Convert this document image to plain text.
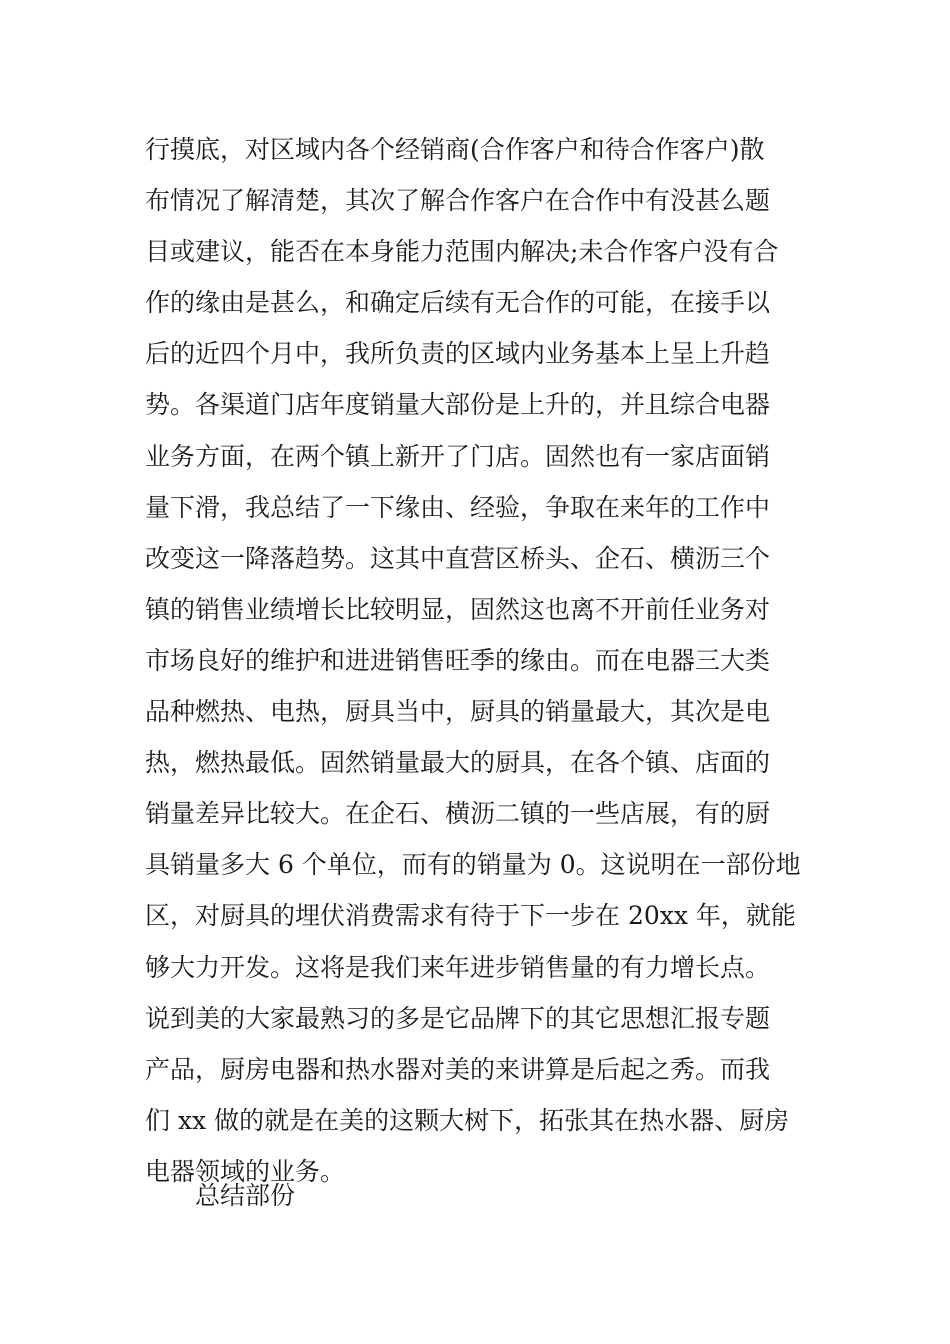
行摸底，对区域内各个经销商(合作客户和待合作客户)散
布情况了解清楚，其次了解合作客户在合作中有没甚么题
目或建议，能否在本身能力范围内解决;未合作客户没有合
作的缘由是甚么，和确定后续有无合作的可能，在接手以
后的近四个月中，我所负责的区域内业务基本上呈上升趋
势。各渠道门店年度销量大部份是上升的，并且综合电器
业务方面，在两个镇上新开了门店。固然也有一家店面销
量下滑，我总结了一下缘由、经验，争取在来年的工作中
改变这一降落趋势。这其中直营区桥头、企石、横沥三个
镇的销售业绩增长比较明显，固然这也离不开前任业务对
市场良好的维护和进进销售旺季的缘由。而在电器三大类
品种燃热、电热，厨具当中，厨具的销量最大，其次是电
热，燃热最低。固然销量最大的厨具，在各个镇、店面的
销量差异比较大。在企石、横沥二镇的一些店展，有的厨
具销量多大 6 个单位，而有的销量为 0。这说明在一部份地
区，对厨具的埋伏消费需求有待于下一步在 20xx 年，就能
够大力开发。这将是我们来年进步销售量的有力增长点。
说到美的大家最熟习的多是它品牌下的其它思想汇报专题
产品，厨房电器和热水器对美的来讲算是后起之秀。而我
们 xx 做的就是在美的这颗大树下，拓张其在热水器、厨房
电器领域的业务。

总结部份
